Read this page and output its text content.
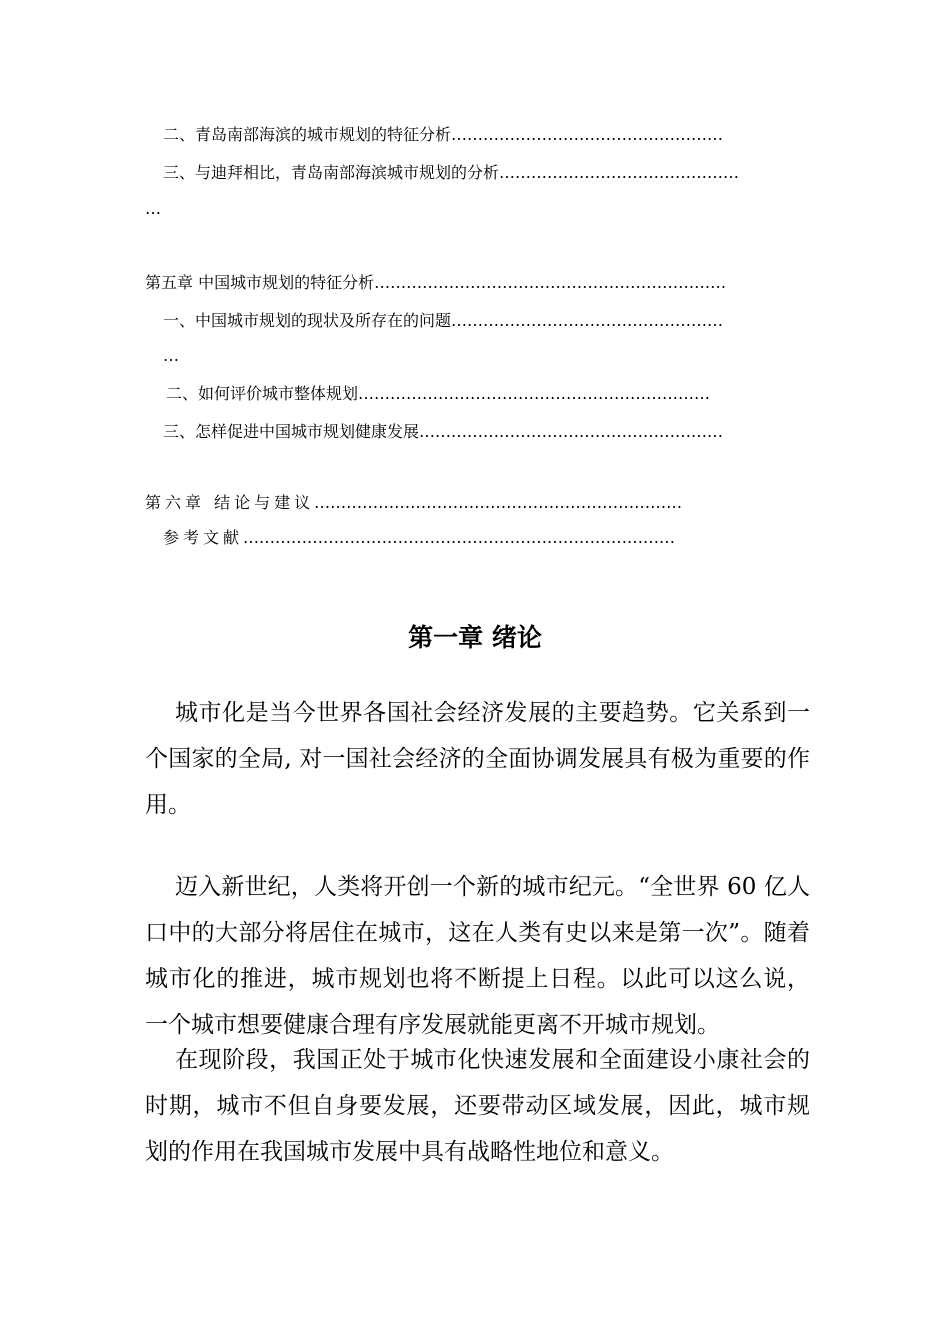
二、青岛南部海滨的城市规划的特征分析……………………………………………
三、与迪拜相比，青岛南部海滨城市规划的分析………………………………………
…
第五章 中国城市规划的特征分析…………………………………………………………
一、中国城市规划的现状及所存在的问题……………………………………………
…
二、如何评价城市整体规划…………………………………………………………
三、怎样促进中国城市规划健康发展…………………………………………………
第六章 结论与建议……………………………………………………………
参考文献………………………………………………………………………
第一章 绪论

城市化是当今世界各国社会经济发展的主要趋势。它关系到一个国家的全局, 对一国社会经济的全面协调发展具有极为重要的作用。

迈入新世纪，人类将开创一个新的城市纪元。“全世界 60 亿人口中的大部分将居住在城市，这在人类有史以来是第一次”。随着城市化的推进，城市规划也将不断提上日程。以此可以这么说，一个城市想要健康合理有序发展就能更离不开城市规划。

在现阶段，我国正处于城市化快速发展和全面建设小康社会的时期，城市不但自身要发展，还要带动区域发展，因此，城市规划的作用在我国城市发展中具有战略性地位和意义。
